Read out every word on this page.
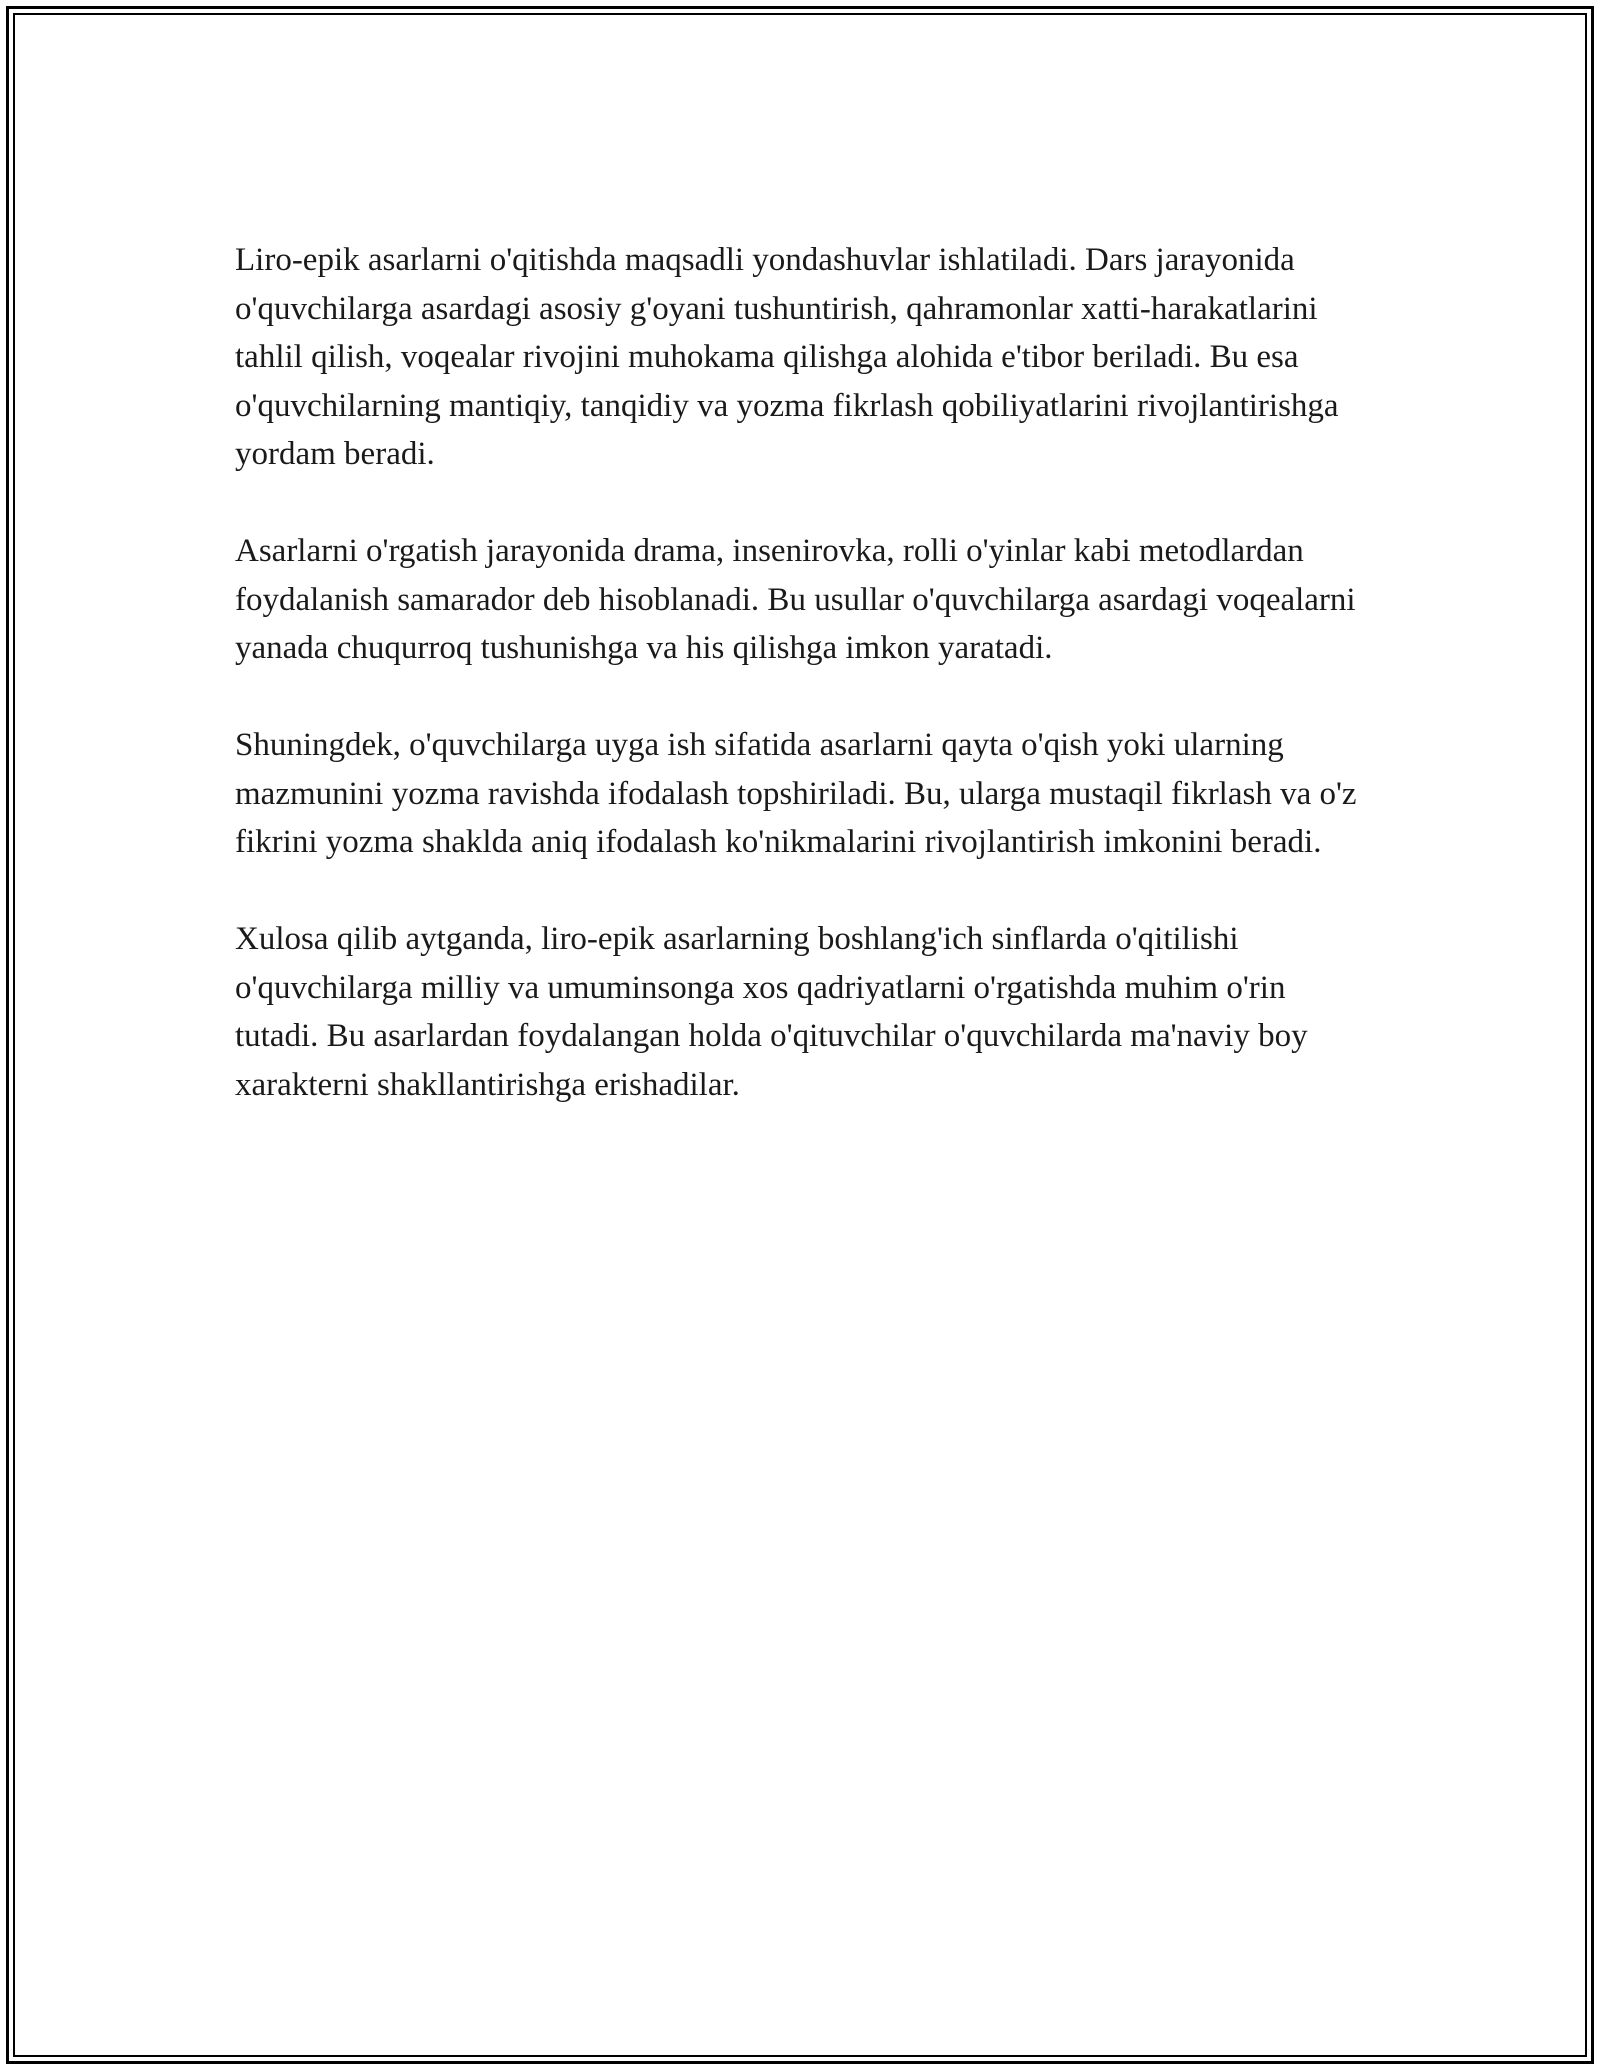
Liro-epik asarlarni o'qitishda maqsadli yondashuvlar ishlatiladi. Dars jarayonida o'quvchilarga asardagi asosiy g'oyani tushuntirish, qahramonlar xatti-harakatlarini tahlil qilish, voqealar rivojini muhokama qilishga alohida e'tibor beriladi. Bu esa o'quvchilarning mantiqiy, tanqidiy va yozma fikrlash qobiliyatlarini rivojlantirishga yordam beradi.

Asarlarni o'rgatish jarayonida drama, insenirovka, rolli o'yinlar kabi metodlardan foydalanish samarador deb hisoblanadi. Bu usullar o'quvchilarga asardagi voqealarni yanada chuqurroq tushunishga va his qilishga imkon yaratadi.

Shuningdek, o'quvchilarga uyga ish sifatida asarlarni qayta o'qish yoki ularning mazmunini yozma ravishda ifodalash topshiriladi. Bu, ularga mustaqil fikrlash va o'z fikrini yozma shaklda aniq ifodalash ko'nikmalarini rivojlantirish imkonini beradi.

Xulosa qilib aytganda, liro-epik asarlarning boshlang'ich sinflarda o'qitilishi o'quvchilarga milliy va umuminsonga xos qadriyatlarni o'rgatishda muhim o'rin tutadi. Bu asarlardan foydalangan holda o'qituvchilar o'quvchilarda ma'naviy boy xarakterni shakllantirishga erishadilar.
